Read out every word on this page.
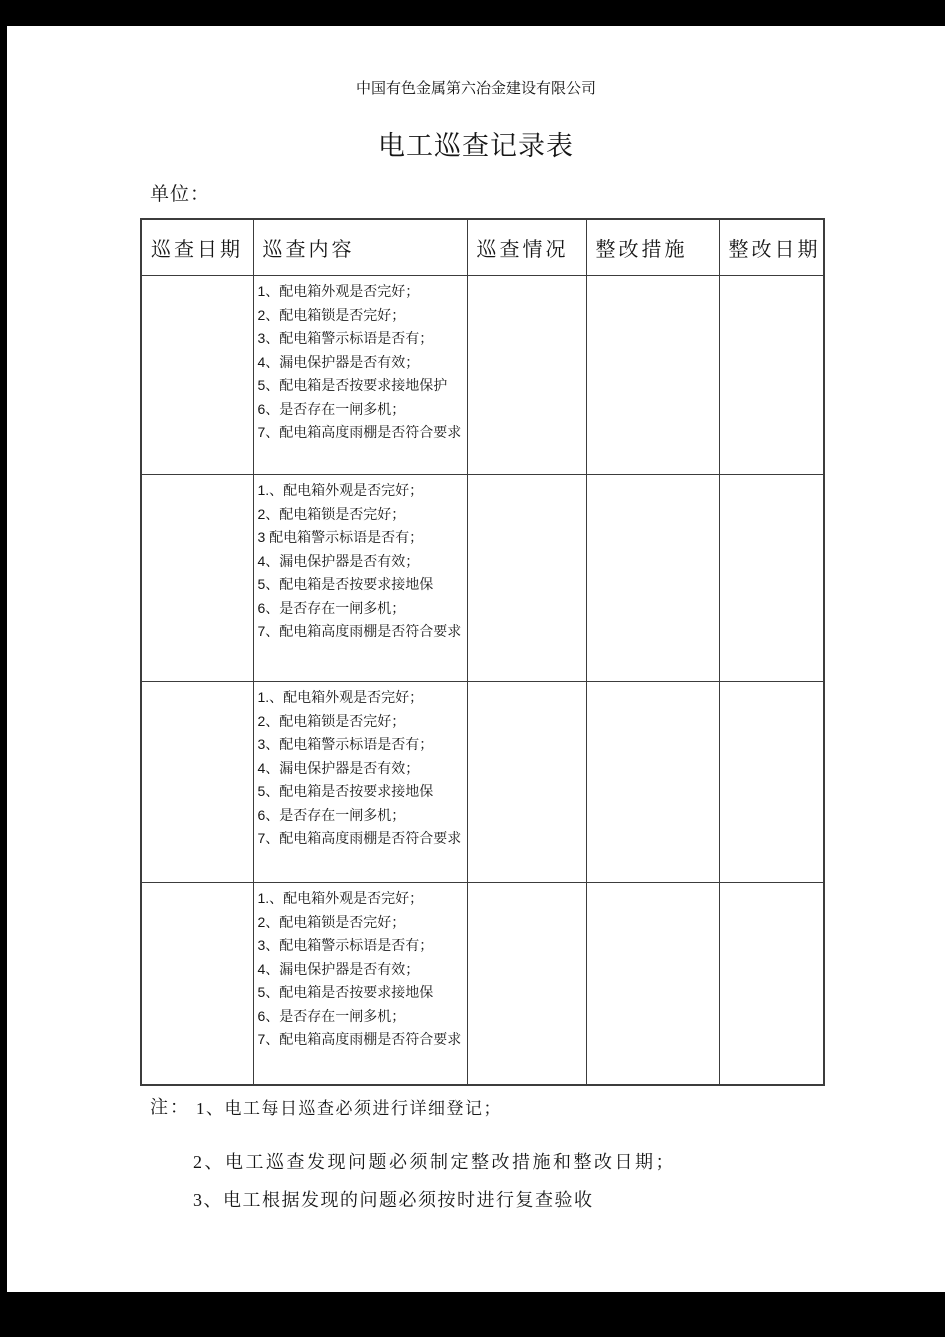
中国有色金属第六冶金建设有限公司
电工巡查记录表
单位：
巡查日期	巡查内容	巡查情况	整改措施	整改日期

1、配电箱外观是否完好；
2、配电箱锁是否完好；
3、配电箱警示标语是否有；
4、漏电保护器是否有效；
5、配电箱是否按要求接地保护
6、是否存在一闸多机；
7、配电箱高度雨棚是否符合要求

1.、配电箱外观是否完好；
2、配电箱锁是否完好；
3 配电箱警示标语是否有；
4、漏电保护器是否有效；
5、配电箱是否按要求接地保
6、是否存在一闸多机；
7、配电箱高度雨棚是否符合要求

1.、配电箱外观是否完好；
2、配电箱锁是否完好；
3、配电箱警示标语是否有；
4、漏电保护器是否有效；
5、配电箱是否按要求接地保
6、是否存在一闸多机；
7、配电箱高度雨棚是否符合要求

1.、配电箱外观是否完好；
2、配电箱锁是否完好；
3、配电箱警示标语是否有；
4、漏电保护器是否有效；
5、配电箱是否按要求接地保
6、是否存在一闸多机；
7、配电箱高度雨棚是否符合要求

注： 1、电工每日巡查必须进行详细登记；
2、电工巡查发现问题必须制定整改措施和整改日期；
3、电工根据发现的问题必须按时进行复查验收
